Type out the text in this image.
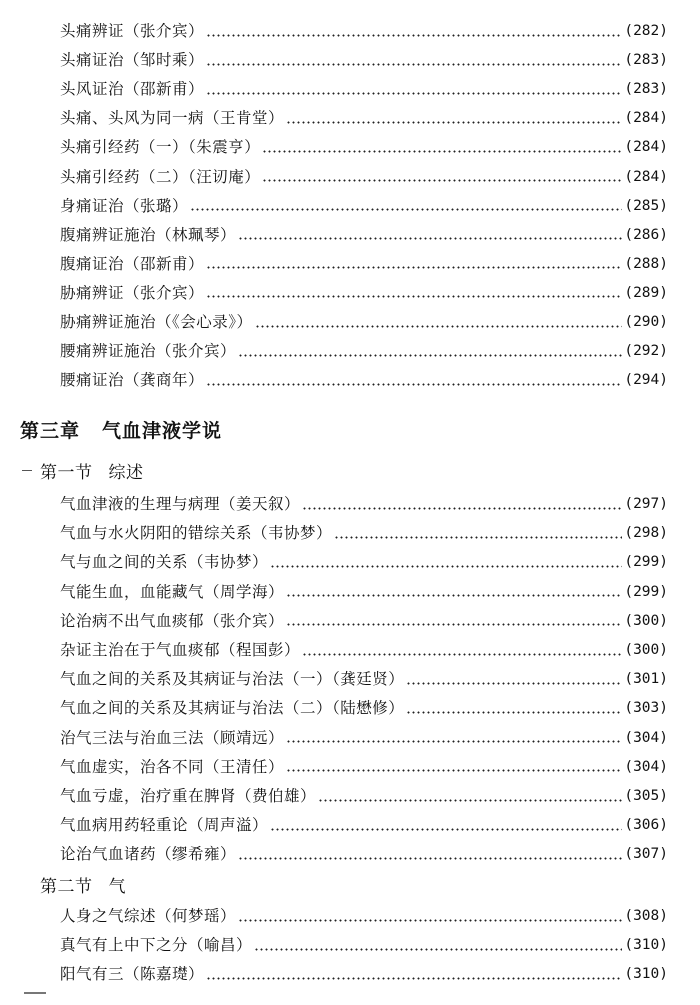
头痛辨证（张介宾）	(282)
头痛证治（邹时乘）	(283)
头风证治（邵新甫）	(283)
头痛、头风为同一病（王肯堂）	(284)
头痛引经药（一）（朱震亨）	(284)
头痛引经药（二）（汪讱庵）	(284)
身痛证治（张璐）	(285)
腹痛辨证施治（林珮琴）	(286)
腹痛证治（邵新甫）	(288)
胁痛辨证（张介宾）	(289)
胁痛辨证施治（《会心录》）	(290)
腰痛辨证施治（张介宾）	(292)
腰痛证治（龚商年）	(294)
第三章 气血津液学说
第一节 综述
气血津液的生理与病理（姜天叙）	(297)
气血与水火阴阳的错综关系（韦协梦）	(298)
气与血之间的关系（韦协梦）	(299)
气能生血，血能藏气（周学海）	(299)
论治病不出气血痰郁（张介宾）	(300)
杂证主治在于气血痰郁（程国彭）	(300)
气血之间的关系及其病证与治法（一）（龚廷贤）	(301)
气血之间的关系及其病证与治法（二）（陆懋修）	(303)
治气三法与治血三法（顾靖远）	(304)
气血虚实，治各不同（王清任）	(304)
气血亏虚，治疗重在脾肾（费伯雄）	(305)
气血病用药轻重论（周声溢）	(306)
论治气血诸药（缪希雍）	(307)
第二节 气
人身之气综述（何梦瑶）	(308)
真气有上中下之分（喻昌）	(310)
阳气有三（陈嘉璴）	(310)
